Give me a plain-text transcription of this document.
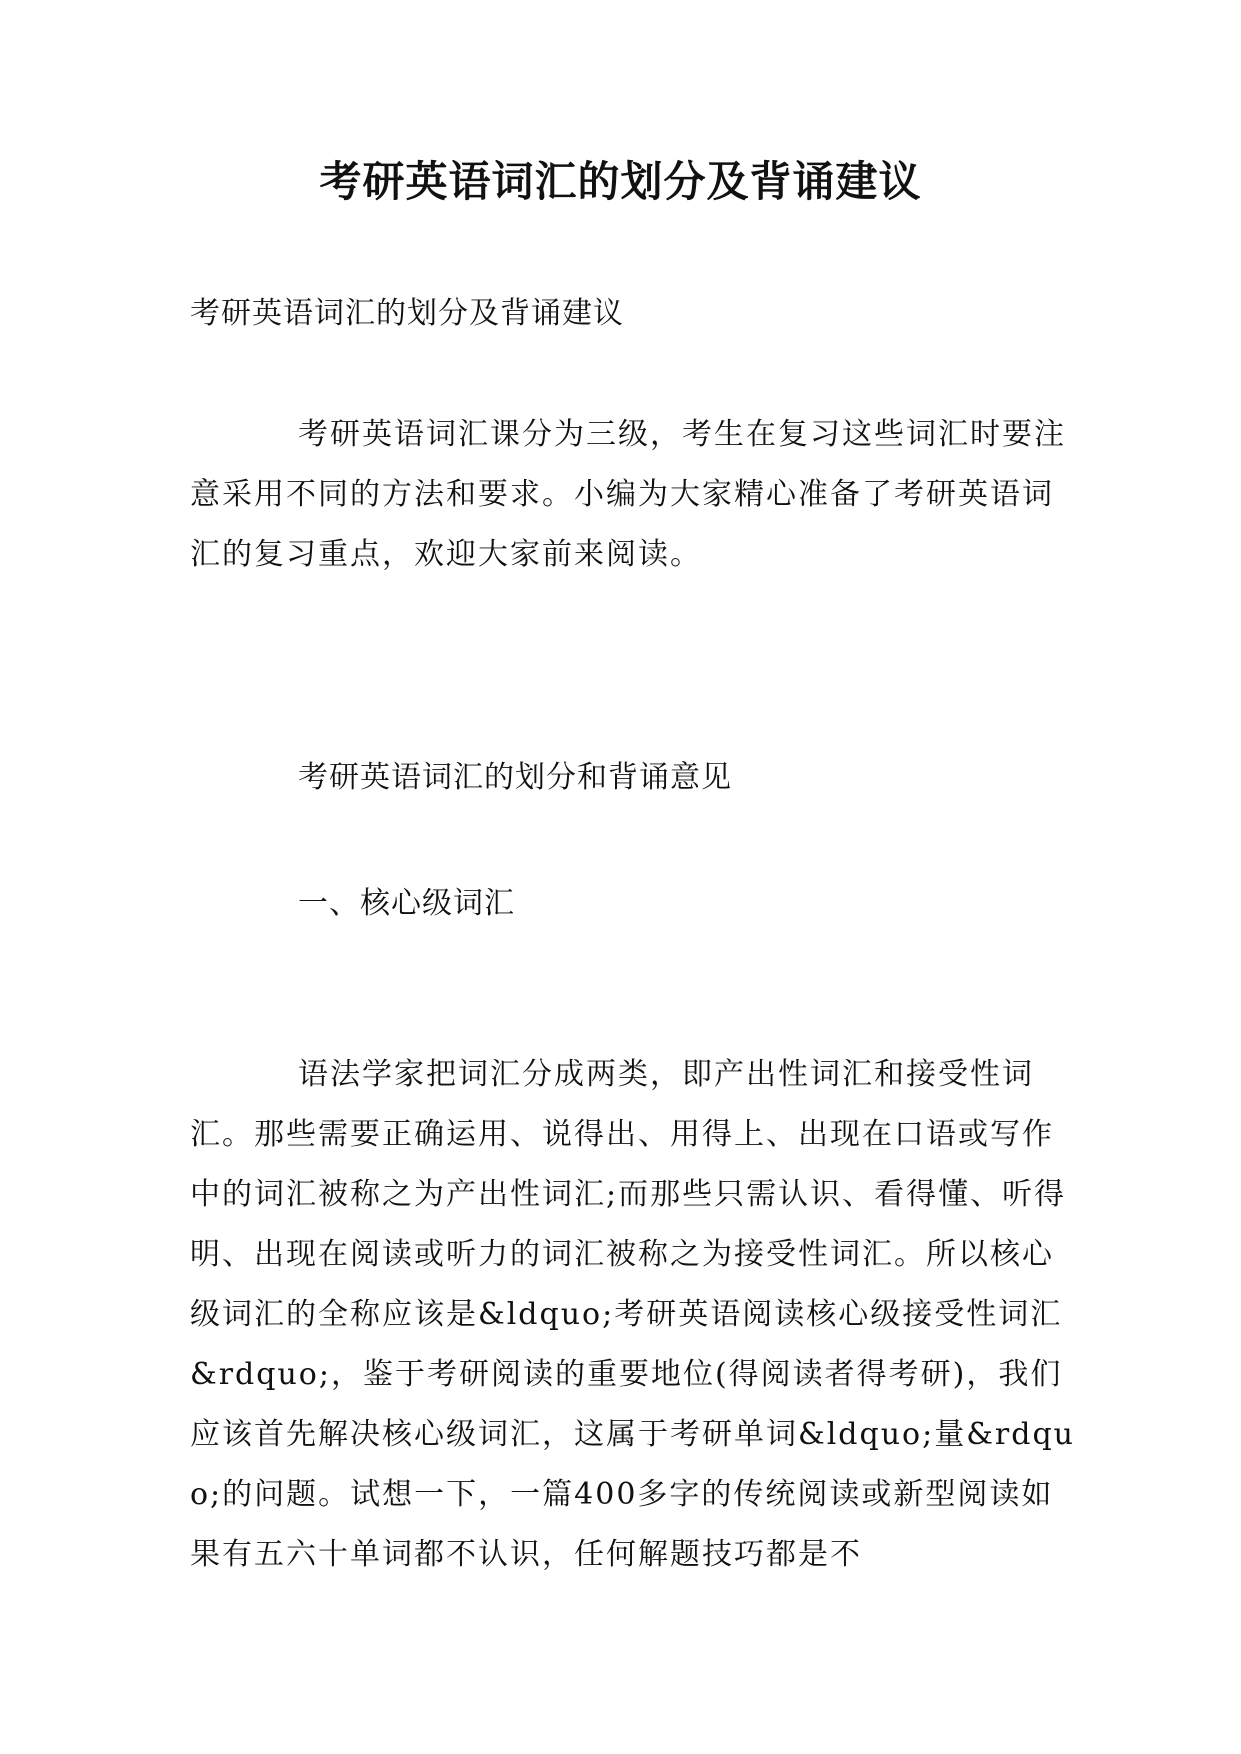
考研英语词汇的划分及背诵建议
考研英语词汇的划分及背诵建议

考研英语词汇课分为三级，考生在复习这些词汇时要注意采用不同的方法和要求。小编为大家精心准备了考研英语词汇的复习重点，欢迎大家前来阅读。

考研英语词汇的划分和背诵意见
一、核心级词汇

语法学家把词汇分成两类，即产出性词汇和接受性词汇。那些需要正确运用、说得出、用得上、出现在口语或写作中的词汇被称之为产出性词汇;而那些只需认识、看得懂、听得明、出现在阅读或听力的词汇被称之为接受性词汇。所以核心级词汇的全称应该是&ldquo;考研英语阅读核心级接受性词汇&rdquo;，鉴于考研阅读的重要地位(得阅读者得考研)，我们应该首先解决核心级词汇，这属于考研单词&ldquo;量&rdquo;的问题。试想一下，一篇400多字的传统阅读或新型阅读如果有五六十单词都不认识，任何解题技巧都是不
